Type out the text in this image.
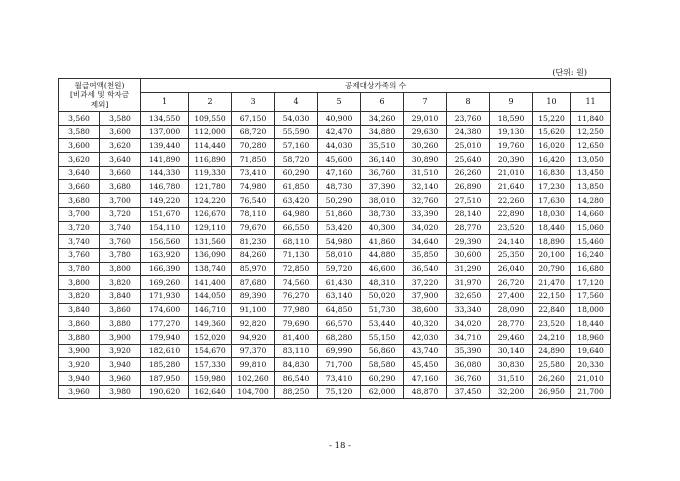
(단위: 원)
월급여액(천원)
[비과세 및 학자금
제외]		공제대상가족의 수										
		1	2	3	4	5	6	7	8	9	10	11
3,560	3,580	134,550	109,550	67,150	54,030	40,900	34,260	29,010	23,760	18,590	15,220	11,840
3,580	3,600	137,000	112,000	68,720	55,590	42,470	34,880	29,630	24,380	19,130	15,620	12,250
3,600	3,620	139,440	114,440	70,280	57,160	44,030	35,510	30,260	25,010	19,760	16,020	12,650
3,620	3,640	141,890	116,890	71,850	58,720	45,600	36,140	30,890	25,640	20,390	16,420	13,050
3,640	3,660	144,330	119,330	73,410	60,290	47,160	36,760	31,510	26,260	21,010	16,830	13,450
3,660	3,680	146,780	121,780	74,980	61,850	48,730	37,390	32,140	26,890	21,640	17,230	13,850
3,680	3,700	149,220	124,220	76,540	63,420	50,290	38,010	32,760	27,510	22,260	17,630	14,280
3,700	3,720	151,670	126,670	78,110	64,980	51,860	38,730	33,390	28,140	22,890	18,030	14,660
3,720	3,740	154,110	129,110	79,670	66,550	53,420	40,300	34,020	28,770	23,520	18,440	15,060
3,740	3,760	156,560	131,560	81,230	68,110	54,980	41,860	34,640	29,390	24,140	18,890	15,460
3,760	3,780	163,920	136,090	84,260	71,130	58,010	44,880	35,850	30,600	25,350	20,100	16,240
3,780	3,800	166,390	138,740	85,970	72,850	59,720	46,600	36,540	31,290	26,040	20,790	16,680
3,800	3,820	169,260	141,400	87,680	74,560	61,430	48,310	37,220	31,970	26,720	21,470	17,120
3,820	3,840	171,930	144,050	89,390	76,270	63,140	50,020	37,900	32,650	27,400	22,150	17,560
3,840	3,860	174,600	146,710	91,100	77,980	64,850	51,730	38,600	33,340	28,090	22,840	18,000
3,860	3,880	177,270	149,360	92,820	79,690	66,570	53,440	40,320	34,020	28,770	23,520	18,440
3,880	3,900	179,940	152,020	94,920	81,400	68,280	55,150	42,030	34,710	29,460	24,210	18,960
3,900	3,920	182,610	154,670	97,370	83,110	69,990	56,860	43,740	35,390	30,140	24,890	19,640
3,920	3,940	185,280	157,330	99,810	84,830	71,700	58,580	45,450	36,080	30,830	25,580	20,330
3,940	3,960	187,950	159,980	102,260	86,540	73,410	60,290	47,160	36,760	31,510	26,260	21,010
3,960	3,980	190,620	162,640	104,700	88,250	75,120	62,000	48,870	37,450	32,200	26,950	21,700
- 18 -
